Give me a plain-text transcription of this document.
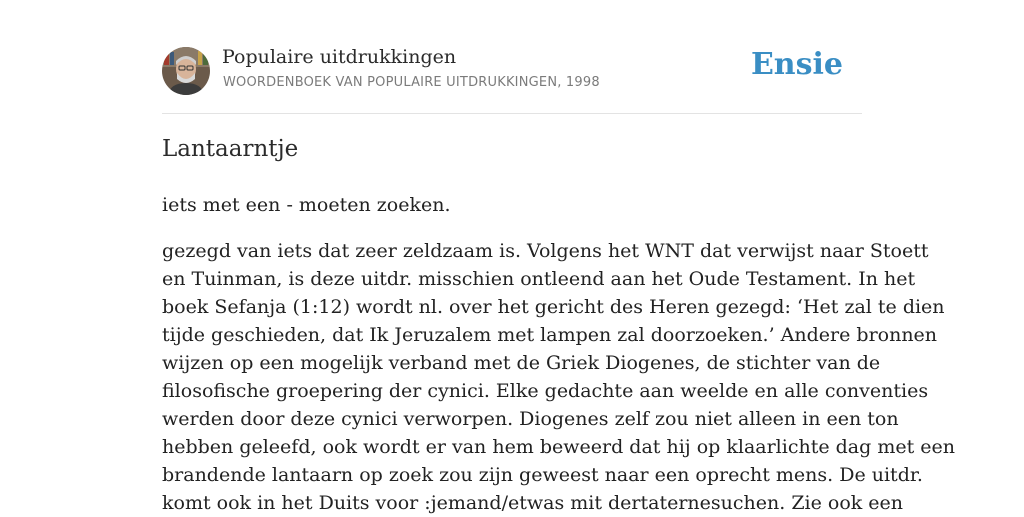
Populaire uitdrukkingen
WOORDENBOEK VAN POPULAIRE UITDRUKKINGEN, 1998
Ensie
Lantaarntje

iets met een - moeten zoeken.

gezegd van iets dat zeer zeldzaam is. Volgens het WNT dat verwijst naar Stoett
en Tuinman, is deze uitdr. misschien ontleend aan het Oude Testament. In het
boek Sefanja (1:12) wordt nl. over het gericht des Heren gezegd: ‘Het zal te dien
tijde geschieden, dat Ik Jeruzalem met lampen zal doorzoeken.’ Andere bronnen
wijzen op een mogelijk verband met de Griek Diogenes, de stichter van de
filosofische groepering der cynici. Elke gedachte aan weelde en alle conventies
werden door deze cynici verworpen. Diogenes zelf zou niet alleen in een ton
hebben geleefd, ook wordt er van hem beweerd dat hij op klaarlichte dag met een
brandende lantaarn op zoek zou zijn geweest naar een oprecht mens. De uitdr.
komt ook in het Duits voor :jemand/etwas mit dertaternesuchen. Zie ook een
